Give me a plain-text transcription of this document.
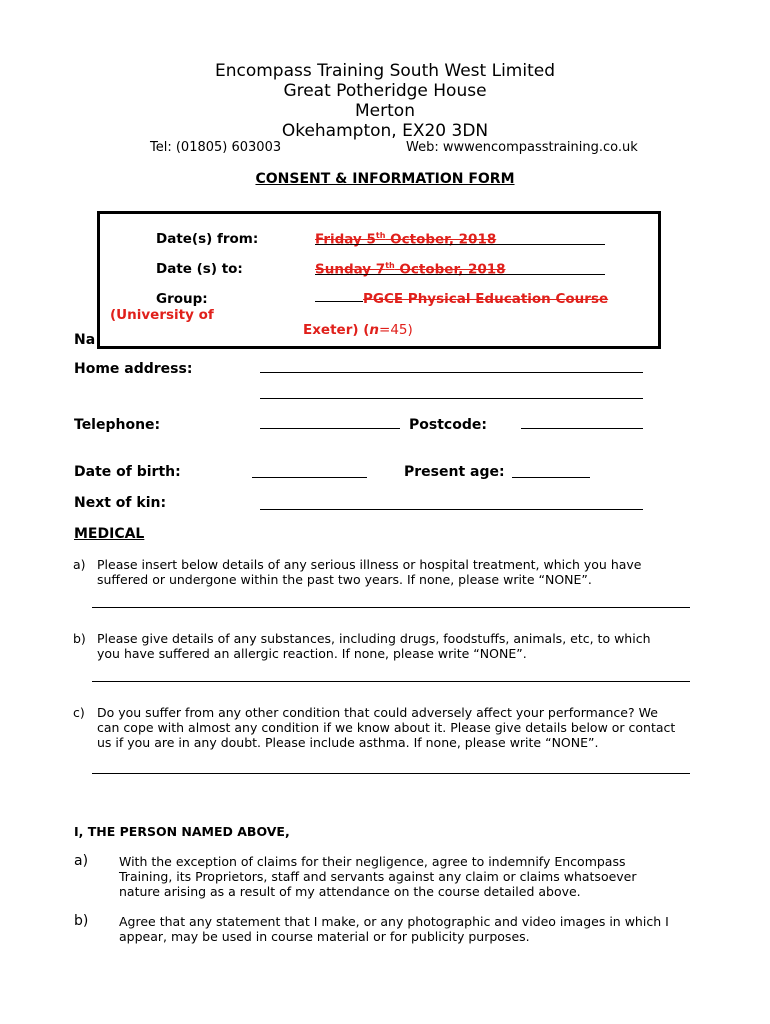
Encompass Training South West Limited
Great Potheridge House
Merton
Okehampton, EX20 3DN
Tel: (01805) 603003	Web: wwwencompasstraining.co.uk
CONSENT & INFORMATION FORM
Na
Date(s) from:	Friday 5th October, 2018
Date (s) to:	Sunday 7th October, 2018
Group:	PGCE Physical Education Course
(University of
Exeter) (n=45)
Home address:
Telephone:	Postcode:
Date of birth:	Present age:
Next of kin:
MEDICAL
a) Please insert below details of any serious illness or hospital treatment, which you have
suffered or undergone within the past two years. If none, please write “NONE”.
b) Please give details of any substances, including drugs, foodstuffs, animals, etc, to which
you have suffered an allergic reaction. If none, please write “NONE”.
c) Do you suffer from any other condition that could adversely affect your performance? We
can cope with almost any condition if we know about it. Please give details below or contact
us if you are in any doubt. Please include asthma. If none, please write “NONE”.
I, THE PERSON NAMED ABOVE,
a) With the exception of claims for their negligence, agree to indemnify Encompass
Training, its Proprietors, staff and servants against any claim or claims whatsoever
nature arising as a result of my attendance on the course detailed above.
b) Agree that any statement that I make, or any photographic and video images in which I
appear, may be used in course material or for publicity purposes.
